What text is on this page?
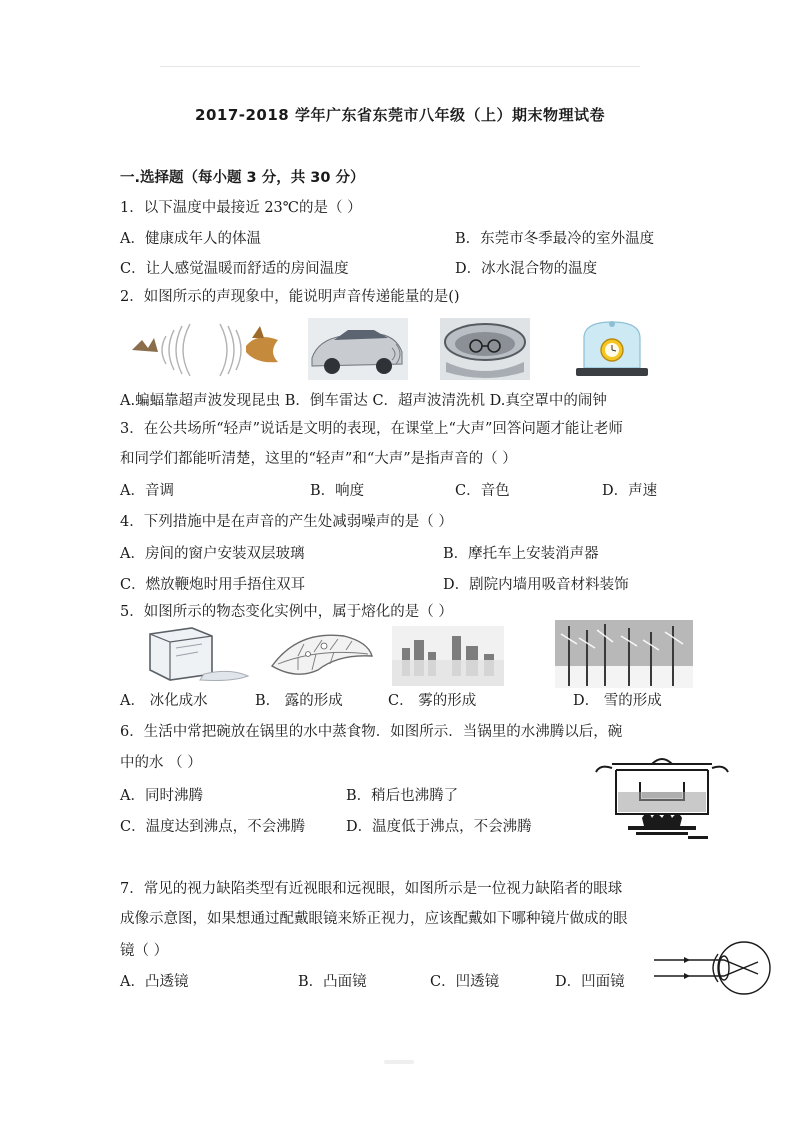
2017-2018 学年广东省东莞市八年级（上）期末物理试卷
一.选择题（每小题 3 分，共 30 分）
1．以下温度中最接近 23℃的是（ ）
A．健康成年人的体温	B．东莞市冬季最冷的室外温度
C．让人感觉温暖而舒适的房间温度	D．冰水混合物的温度
2．如图所示的声现象中，能说明声音传递能量的是()
A.蝙蝠靠超声波发现昆虫 B．倒车雷达 C．超声波清洗机 D.真空罩中的闹钟
3．在公共场所“轻声”说话是文明的表现，在课堂上“大声”回答问题才能让老师
和同学们都能听清楚，这里的“轻声”和“大声”是指声音的（ ）
A．音调	B．响度	C．音色	D．声速
4．下列措施中是在声音的产生处减弱噪声的是（ ）
A．房间的窗户安装双层玻璃	B．摩托车上安装消声器
C．燃放鞭炮时用手捂住双耳	D．剧院内墙用吸音材料装饰
5．如图所示的物态变化实例中，属于熔化的是（ ）
A． 冰化成水	B． 露的形成	C． 雾的形成	D． 雪的形成
6．生活中常把碗放在锅里的水中蒸食物．如图所示．当锅里的水沸腾以后，碗
中的水 （ ）
A．同时沸腾	B．稍后也沸腾了
C．温度达到沸点，不会沸腾	D．温度低于沸点，不会沸腾
7．常见的视力缺陷类型有近视眼和远视眼，如图所示是一位视力缺陷者的眼球
成像示意图，如果想通过配戴眼镜来矫正视力，应该配戴如下哪种镜片做成的眼
镜（ ）
A．凸透镜	B．凸面镜	C．凹透镜	D．凹面镜
